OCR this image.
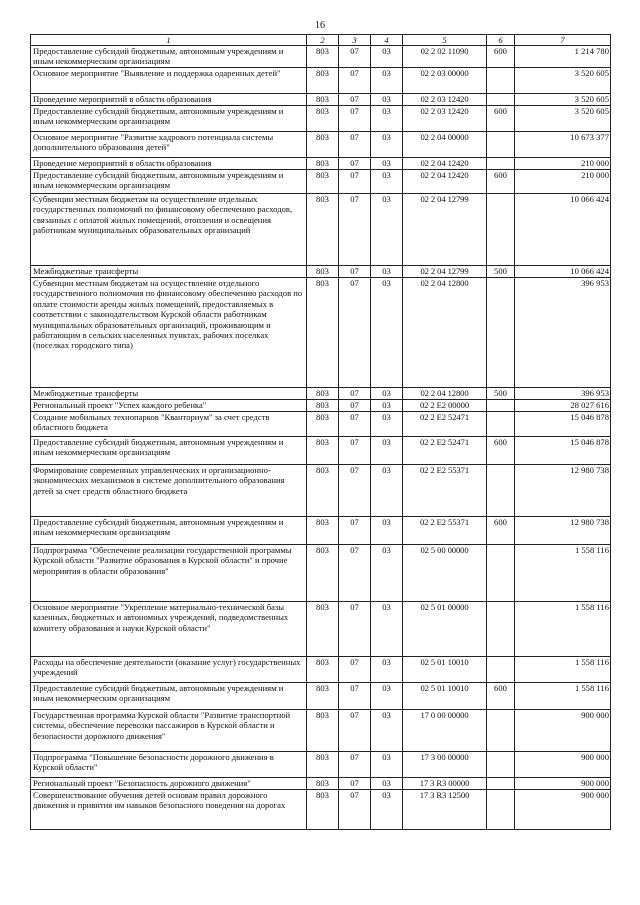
16
1	2	3	4	5	6	7
Предоставление субсидий бюджетным, автономным учреждениям и иным некоммерческим организациям	803	07	03	02 2 02 11090	600	1 214 780
Основное мероприятие "Выявление и поддержка одаренных детей"	803	07	03	02 2 03 00000		3 520 605
Проведение мероприятий в области образования	803	07	03	02 2 03 12420		3 520 605
Предоставление субсидий бюджетным, автономным учреждениям и иным некоммерческим организациям	803	07	03	02 2 03 12420	600	3 520 605
Основное мероприятие "Развитие кадрового потенциала системы дополнительного образования детей"	803	07	03	02 2 04 00000		10 673 377
Проведение мероприятий в области образования	803	07	03	02 2 04 12420		210 000
Предоставление субсидий бюджетным, автономным учреждениям и иным некоммерческим организациям	803	07	03	02 2 04 12420	600	210 000
Субвенции местным бюджетам на осуществление отдельных государственных полномочий по финансовому обеспечению расходов, связанных с оплатой жилых помещений, отопления и освещения работникам муниципальных образовательных организаций	803	07	03	02 2 04 12799		10 066 424
Межбюджетные трансферты	803	07	03	02 2 04 12799	500	10 066 424
Субвенции местным бюджетам на осуществление отдельного государственного полномочия по финансовому обеспечению расходов по оплате стоимости аренды жилых помещений, предоставляемых в соответствии с законодательством Курской области работникам муниципальных образовательных организаций, проживающим и работающим в сельских населенных пунктах, рабочих поселках (поселках городского типа)	803	07	03	02 2 04 12800		396 953
Межбюджетные трансферты	803	07	03	02 2 04 12800	500	396 953
Региональный проект "Успех каждого ребенка"	803	07	03	02 2 E2 00000		28 027 616
Создание мобильных технопарков "Кванториум" за счет средств областного бюджета	803	07	03	02 2 E2 52471		15 046 878
Предоставление субсидий бюджетным, автономным учреждениям и иным некоммерческим организациям	803	07	03	02 2 E2 52471	600	15 046 878
Формирование современных управленческих и организационно-экономических механизмов в системе дополнительного образования детей за счет средств областного бюджета	803	07	03	02 2 E2 55371		12 980 738
Предоставление субсидий бюджетным, автономным учреждениям и иным некоммерческим организациям	803	07	03	02 2 E2 55371	600	12 980 738
Подпрограмма "Обеспечение реализации государственной программы Курской области "Развитие образования в Курской области" и прочие мероприятия в области образования"	803	07	03	02 5 00 00000		1 558 116
Основное мероприятие "Укрепление материально-технической базы казенных, бюджетных и автономных учреждений, подведомственных комитету образования и науки Курской области"	803	07	03	02 5 01 00000		1 558 116
Расходы на обеспечение деятельности (оказание услуг) государственных учреждений	803	07	03	02 5 01 10010		1 558 116
Предоставление субсидий бюджетным, автономным учреждениям и иным некоммерческим организациям	803	07	03	02 5 01 10010	600	1 558 116
Государственная программа Курской области "Развитие транспортной системы, обеспечение перевозки пассажиров в Курской области и безопасности дорожного движения"	803	07	03	17 0 00 00000		900 000
Подпрограмма "Повышение безопасности дорожного движения в Курской области"	803	07	03	17 3 00 00000		900 000
Региональный проект "Безопасность дорожного движения"	803	07	03	17 3 R3 00000		900 000
Совершенствование обучения детей основам правил дорожного движения и привития им навыков безопасного поведения на дорогах	803	07	03	17 3 R3 12500		900 000
